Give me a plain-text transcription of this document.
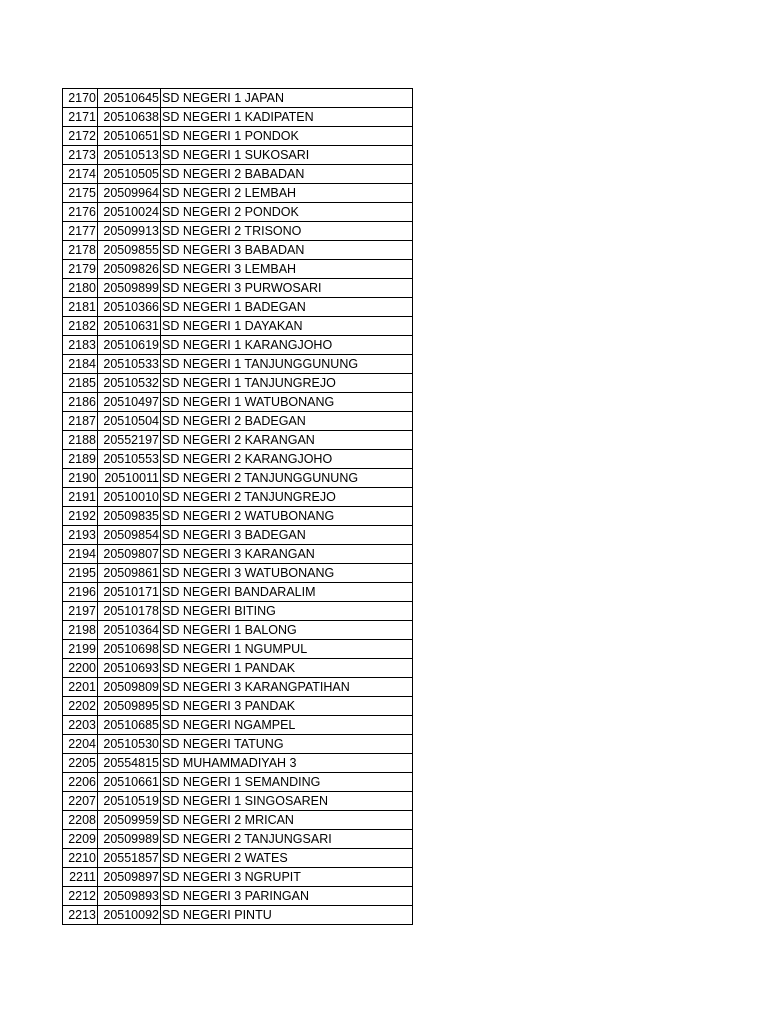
2170	20510645	SD NEGERI 1 JAPAN
2171	20510638	SD NEGERI 1 KADIPATEN
2172	20510651	SD NEGERI 1 PONDOK
2173	20510513	SD NEGERI 1 SUKOSARI
2174	20510505	SD NEGERI 2 BABADAN
2175	20509964	SD NEGERI 2 LEMBAH
2176	20510024	SD NEGERI 2 PONDOK
2177	20509913	SD NEGERI 2 TRISONO
2178	20509855	SD NEGERI 3 BABADAN
2179	20509826	SD NEGERI 3 LEMBAH
2180	20509899	SD NEGERI 3 PURWOSARI
2181	20510366	SD NEGERI 1 BADEGAN
2182	20510631	SD NEGERI 1 DAYAKAN
2183	20510619	SD NEGERI 1 KARANGJOHO
2184	20510533	SD NEGERI 1 TANJUNGGUNUNG
2185	20510532	SD NEGERI 1 TANJUNGREJO
2186	20510497	SD NEGERI 1 WATUBONANG
2187	20510504	SD NEGERI 2 BADEGAN
2188	20552197	SD NEGERI 2 KARANGAN
2189	20510553	SD NEGERI 2 KARANGJOHO
2190	20510011	SD NEGERI 2 TANJUNGGUNUNG
2191	20510010	SD NEGERI 2 TANJUNGREJO
2192	20509835	SD NEGERI 2 WATUBONANG
2193	20509854	SD NEGERI 3 BADEGAN
2194	20509807	SD NEGERI 3 KARANGAN
2195	20509861	SD NEGERI 3 WATUBONANG
2196	20510171	SD NEGERI BANDARALIM
2197	20510178	SD NEGERI BITING
2198	20510364	SD NEGERI 1 BALONG
2199	20510698	SD NEGERI 1 NGUMPUL
2200	20510693	SD NEGERI 1 PANDAK
2201	20509809	SD NEGERI 3 KARANGPATIHAN
2202	20509895	SD NEGERI 3 PANDAK
2203	20510685	SD NEGERI NGAMPEL
2204	20510530	SD NEGERI TATUNG
2205	20554815	SD MUHAMMADIYAH 3
2206	20510661	SD NEGERI 1 SEMANDING
2207	20510519	SD NEGERI 1 SINGOSAREN
2208	20509959	SD NEGERI 2 MRICAN
2209	20509989	SD NEGERI 2 TANJUNGSARI
2210	20551857	SD NEGERI 2 WATES
2211	20509897	SD NEGERI 3 NGRUPIT
2212	20509893	SD NEGERI 3 PARINGAN
2213	20510092	SD NEGERI PINTU
